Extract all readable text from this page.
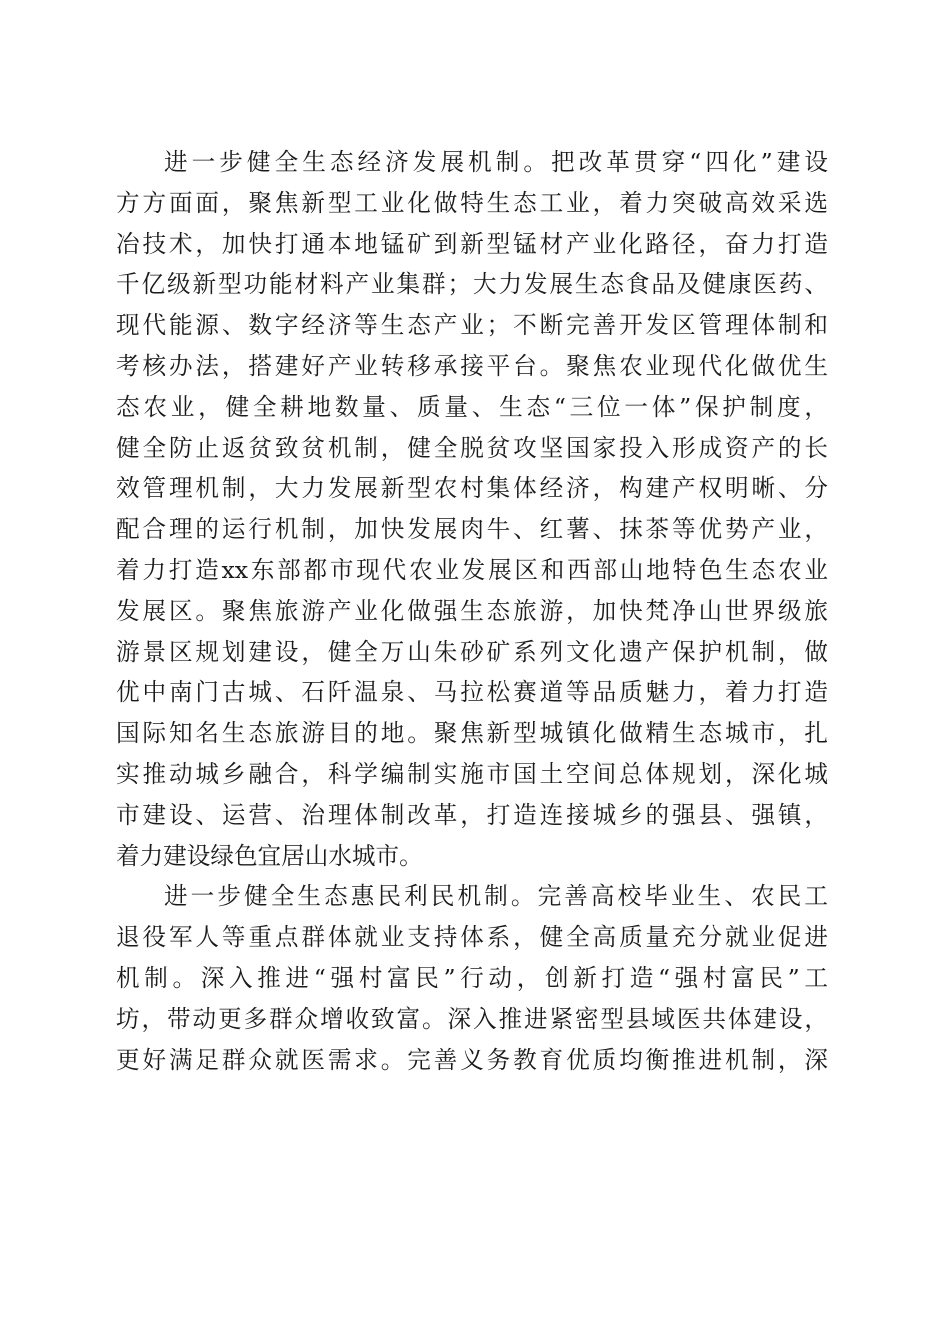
进一步健全生态经济发展机制。把改革贯穿“四化”建设
方方面面，聚焦新型工业化做特生态工业，着力突破高效采选
冶技术，加快打通本地锰矿到新型锰材产业化路径，奋力打造
千亿级新型功能材料产业集群；大力发展生态食品及健康医药、
现代能源、数字经济等生态产业；不断完善开发区管理体制和
考核办法，搭建好产业转移承接平台。聚焦农业现代化做优生
态农业，健全耕地数量、质量、生态“三位一体”保护制度，
健全防止返贫致贫机制，健全脱贫攻坚国家投入形成资产的长
效管理机制，大力发展新型农村集体经济，构建产权明晰、分
配合理的运行机制，加快发展肉牛、红薯、抹茶等优势产业，
着力打造xx东部都市现代农业发展区和西部山地特色生态农业
发展区。聚焦旅游产业化做强生态旅游，加快梵净山世界级旅
游景区规划建设，健全万山朱砂矿系列文化遗产保护机制，做
优中南门古城、石阡温泉、马拉松赛道等品质魅力，着力打造
国际知名生态旅游目的地。聚焦新型城镇化做精生态城市，扎
实推动城乡融合，科学编制实施市国土空间总体规划，深化城
市建设、运营、治理体制改革，打造连接城乡的强县、强镇，
着力建设绿色宜居山水城市。
进一步健全生态惠民利民机制。完善高校毕业生、农民工
退役军人等重点群体就业支持体系，健全高质量充分就业促进
机制。深入推进“强村富民”行动，创新打造“强村富民”工
坊，带动更多群众增收致富。深入推进紧密型县域医共体建设，
更好满足群众就医需求。完善义务教育优质均衡推进机制，深
